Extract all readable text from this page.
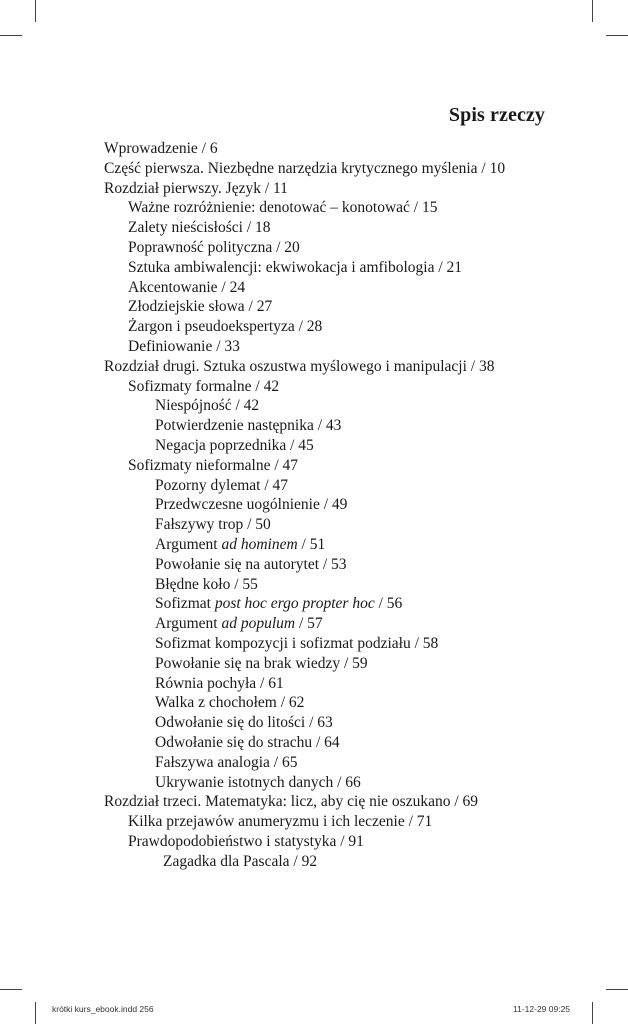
Spis rzeczy
Wprowadzenie / 6
Część pierwsza. Niezbędne narzędzia krytycznego myślenia / 10
Rozdział pierwszy. Język / 11
Ważne rozróżnienie: denotować – konotować / 15
Zalety nieścisłości / 18
Poprawność polityczna / 20
Sztuka ambiwalencji: ekwiwokacja i amfibologia / 21
Akcentowanie / 24
Złodziejskie słowa / 27
Żargon i pseudoekspertyza / 28
Definiowanie / 33
Rozdział drugi. Sztuka oszustwa myślowego i manipulacji / 38
Sofizmaty formalne / 42
Niespójność / 42
Potwierdzenie następnika / 43
Negacja poprzednika / 45
Sofizmaty nieformalne / 47
Pozorny dylemat / 47
Przedwczesne uogólnienie / 49
Fałszywy trop / 50
Argument ad hominem / 51
Powołanie się na autorytet / 53
Błędne koło / 55
Sofizmat post hoc ergo propter hoc / 56
Argument ad populum / 57
Sofizmat kompozycji i sofizmat podziału / 58
Powołanie się na brak wiedzy / 59
Równia pochyła / 61
Walka z chochołem / 62
Odwołanie się do litości / 63
Odwołanie się do strachu / 64
Fałszywa analogia / 65
Ukrywanie istotnych danych / 66
Rozdział trzeci. Matematyka: licz, aby cię nie oszukano / 69
Kilka przejawów anumeryzmu i ich leczenie / 71
Prawdopodobieństwo i statystyka / 91
Zagadka dla Pascala / 92
krótki kurs_ebook.indd 256	11-12-29 09:25
